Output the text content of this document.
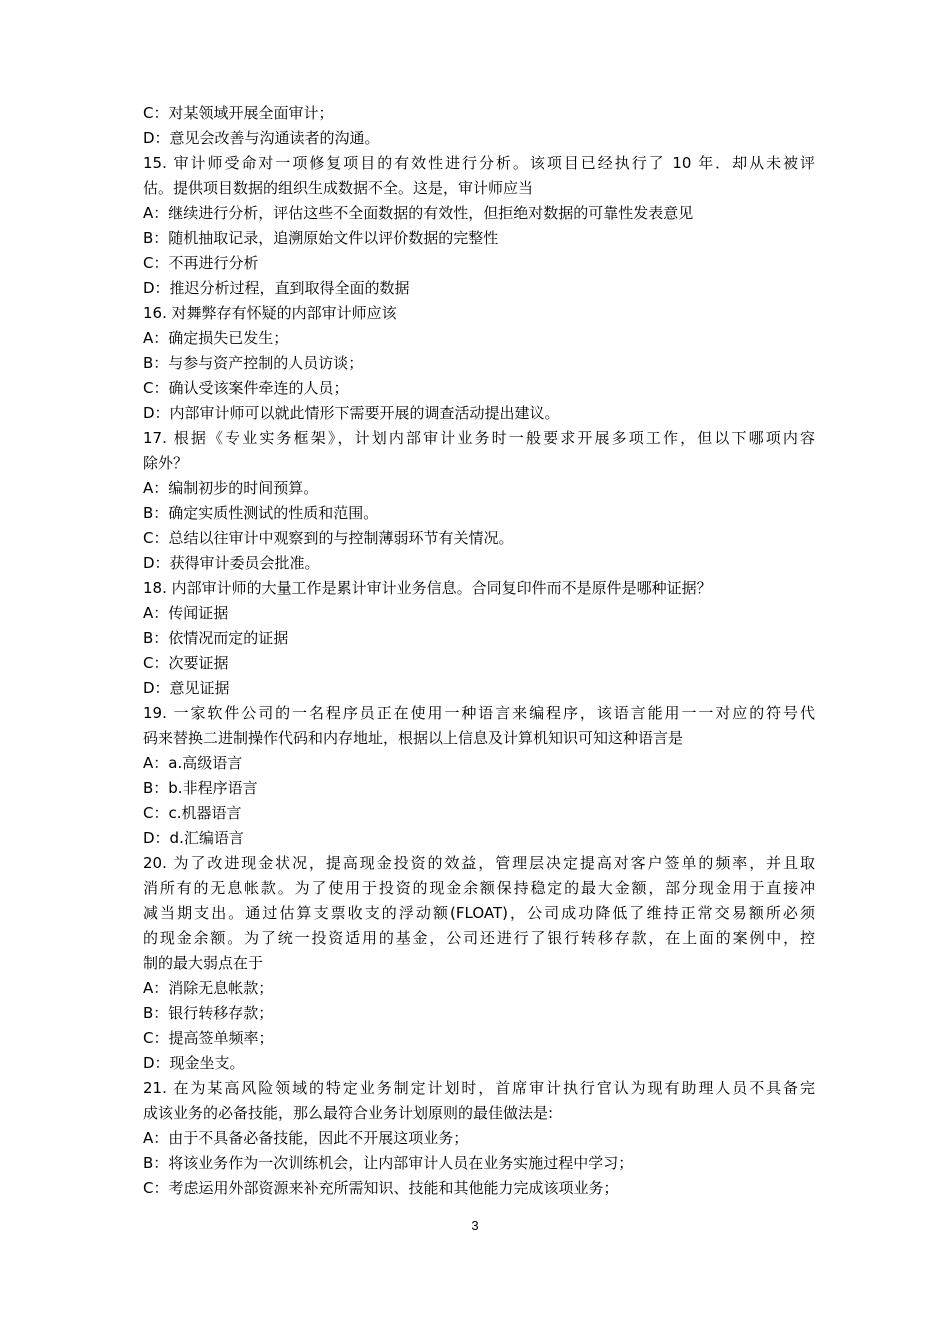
C：对某领域开展全面审计；
D：意见会改善与沟通读者的沟通。
15. 审计师受命对一项修复项目的有效性进行分析。该项目已经执行了 10 年．却从未被评
估。提供项目数据的组织生成数据不全。这是，审计师应当
A：继续进行分析，评估这些不全面数据的有效性，但拒绝对数据的可靠性发表意见
B：随机抽取记录，追溯原始文件以评价数据的完整性
C：不再进行分析
D：推迟分析过程，直到取得全面的数据
16. 对舞弊存有怀疑的内部审计师应该
A：确定损失已发生；
B：与参与资产控制的人员访谈；
C：确认受该案件牵连的人员；
D：内部审计师可以就此情形下需要开展的调查活动提出建议。
17. 根据《专业实务框架》，计划内部审计业务时一般要求开展多项工作，但以下哪项内容
除外？
A：编制初步的时间预算。
B：确定实质性测试的性质和范围。
C：总结以往审计中观察到的与控制薄弱环节有关情况。
D：获得审计委员会批准。
18. 内部审计师的大量工作是累计审计业务信息。合同复印件而不是原件是哪种证据？
A：传闻证据
B：依情况而定的证据
C：次要证据
D：意见证据
19. 一家软件公司的一名程序员正在使用一种语言来编程序，该语言能用一一对应的符号代
码来替换二进制操作代码和内存地址，根据以上信息及计算机知识可知这种语言是
A：a.高级语言
B：b.非程序语言
C：c.机器语言
D：d.汇编语言
20. 为了改进现金状况，提高现金投资的效益，管理层决定提高对客户签单的频率，并且取
消所有的无息帐款。为了使用于投资的现金余额保持稳定的最大金额，部分现金用于直接冲
减当期支出。通过估算支票收支的浮动额(FLOAT)，公司成功降低了维持正常交易额所必须
的现金余额。为了统一投资适用的基金，公司还进行了银行转移存款，在上面的案例中，控
制的最大弱点在于
A：消除无息帐款；
B：银行转移存款；
C：提高签单频率；
D：现金坐支。
21. 在为某高风险领域的特定业务制定计划时，首席审计执行官认为现有助理人员不具备完
成该业务的必备技能，那么最符合业务计划原则的最佳做法是:
A：由于不具备必备技能，因此不开展这项业务；
B：将该业务作为一次训练机会，让内部审计人员在业务实施过程中学习；
C：考虑运用外部资源来补充所需知识、技能和其他能力完成该项业务；
3
